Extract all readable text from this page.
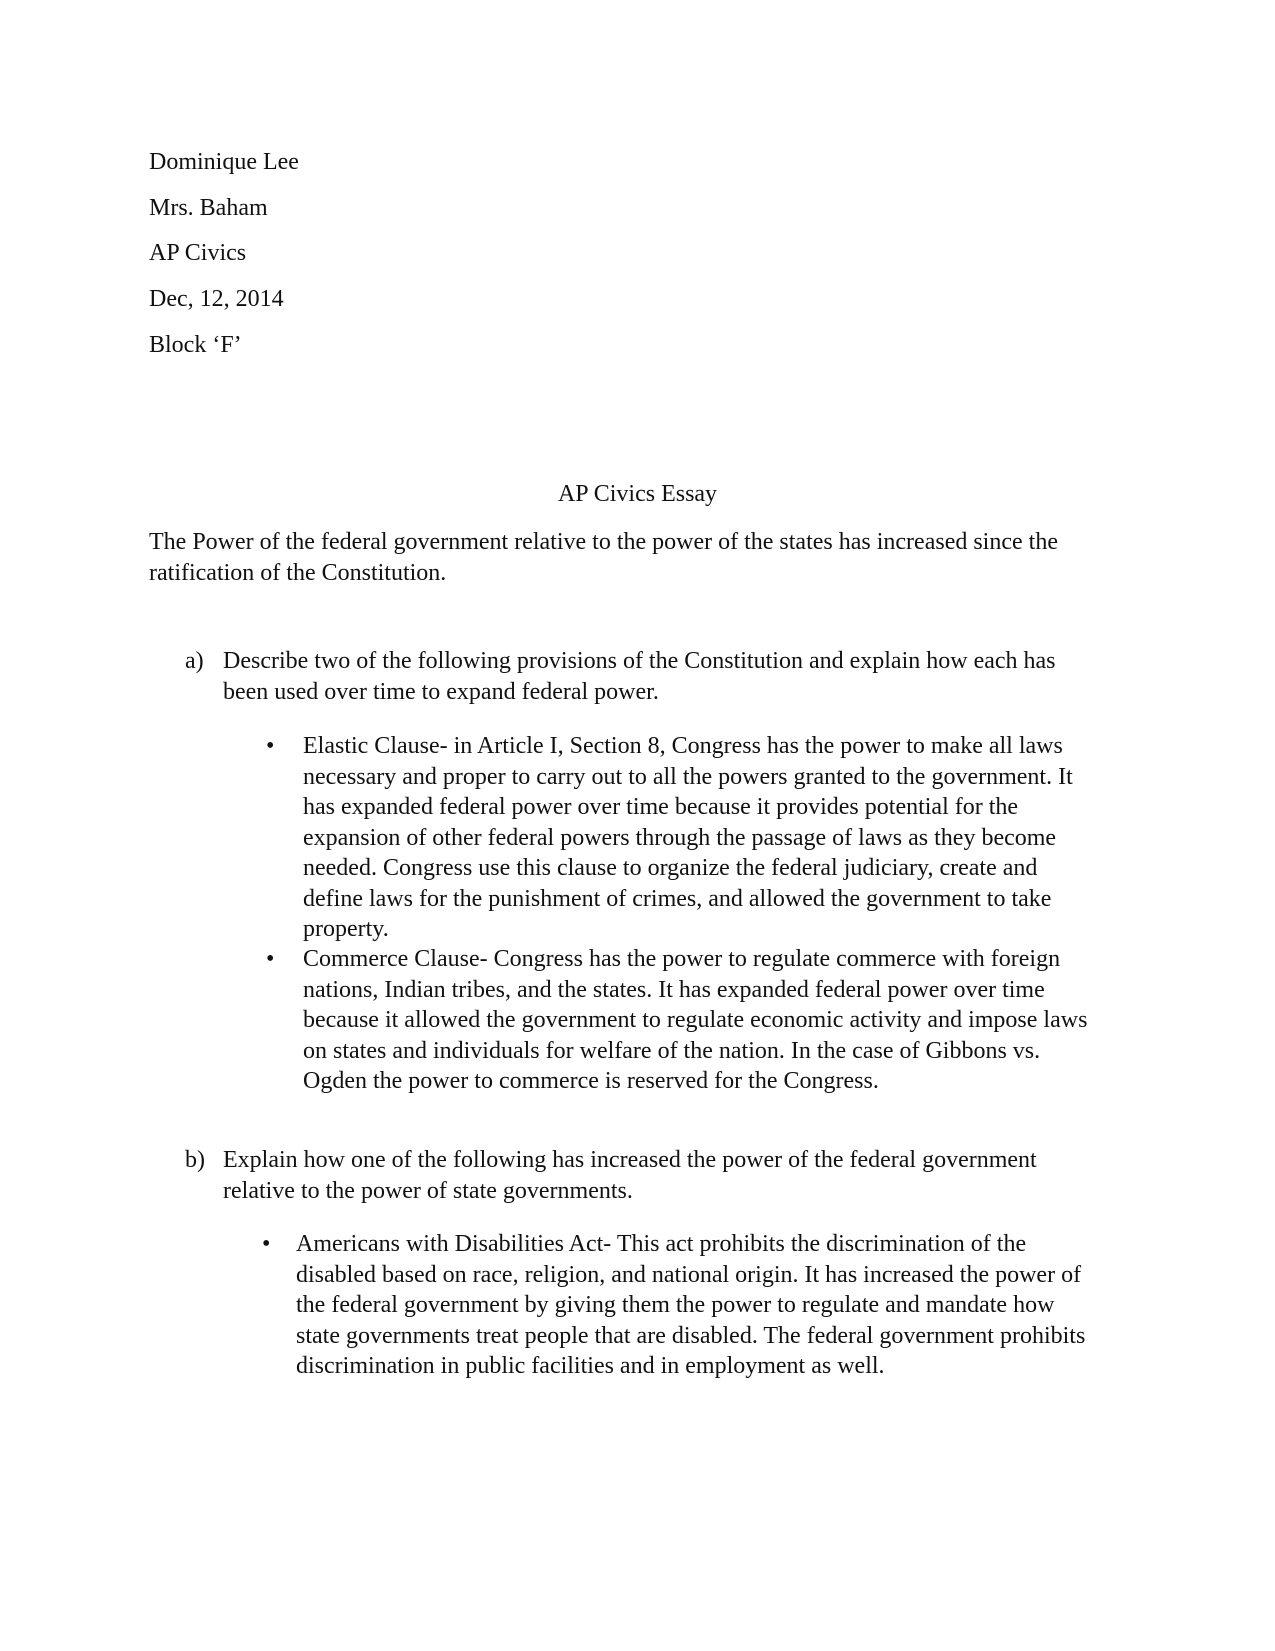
Dominique Lee
Mrs. Baham
AP Civics
Dec, 12, 2014
Block ‘F’
AP Civics Essay
The Power of the federal government relative to the power of the states has increased since the ratification of the Constitution.
a) Describe two of the following provisions of the Constitution and explain how each has been used over time to expand federal power.
• Elastic Clause- in Article I, Section 8, Congress has the power to make all laws necessary and proper to carry out to all the powers granted to the government. It has expanded federal power over time because it provides potential for the expansion of other federal powers through the passage of laws as they become needed. Congress use this clause to organize the federal judiciary, create and define laws for the punishment of crimes, and allowed the government to take property.
• Commerce Clause- Congress has the power to regulate commerce with foreign nations, Indian tribes, and the states. It has expanded federal power over time because it allowed the government to regulate economic activity and impose laws on states and individuals for welfare of the nation. In the case of Gibbons vs. Ogden the power to commerce is reserved for the Congress.
b) Explain how one of the following has increased the power of the federal government relative to the power of state governments.
• Americans with Disabilities Act- This act prohibits the discrimination of the disabled based on race, religion, and national origin. It has increased the power of the federal government by giving them the power to regulate and mandate how state governments treat people that are disabled. The federal government prohibits discrimination in public facilities and in employment as well.
